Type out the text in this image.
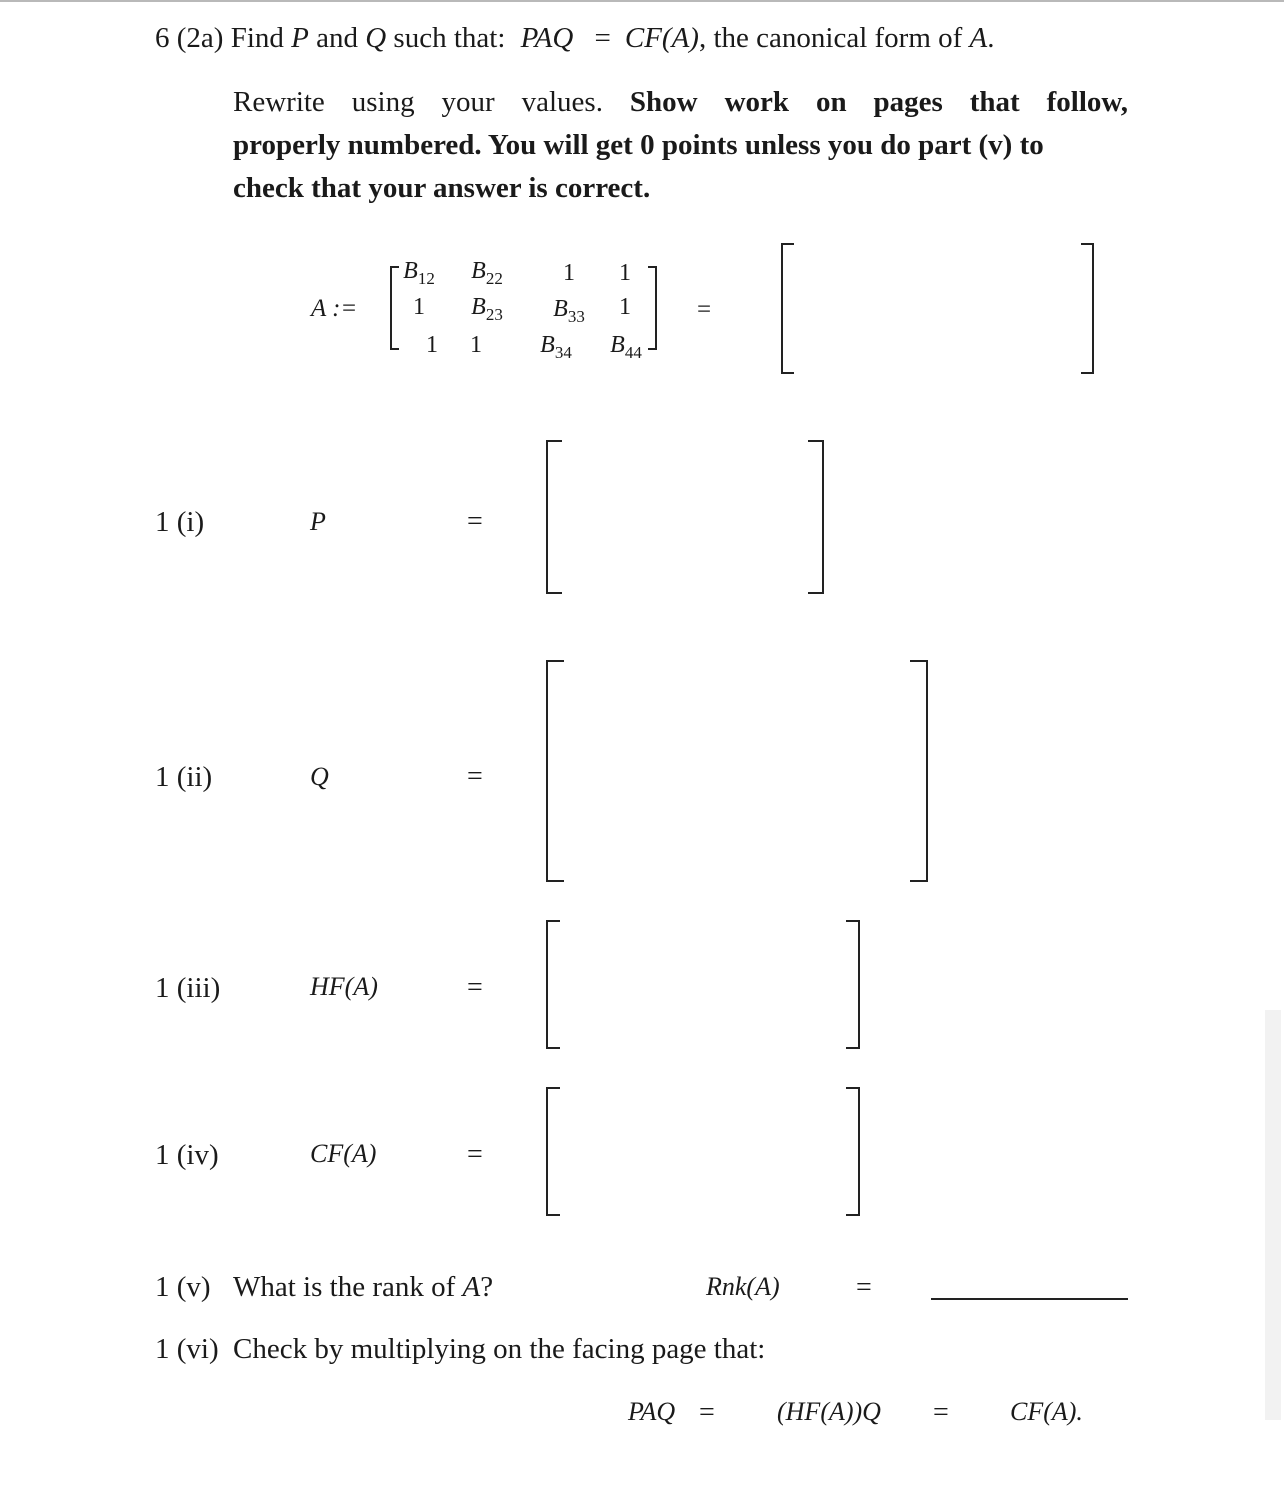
6 (2a) Find P and Q such that: PAQ = CF(A), the canonical form of A.
Rewrite using your values. Show work on pages that follow,
properly numbered. You will get 0 points unless you do part (v) to
check that your answer is correct.
A :=
$B_{12}$	$B_{22}$	1	1
1	$B_{23}$	$B_{33}$	1
1	1	$B_{34}$	$B_{44}$
=
1 (i)	P	=
1 (ii)	Q	=
1 (iii)	HF(A)	=
1 (iv)	CF(A)	=
1 (v) What is the rank of A?	Rnk(A)	=
1 (vi) Check by multiplying on the facing page that:
PAQ = (HF(A))Q = CF(A).
